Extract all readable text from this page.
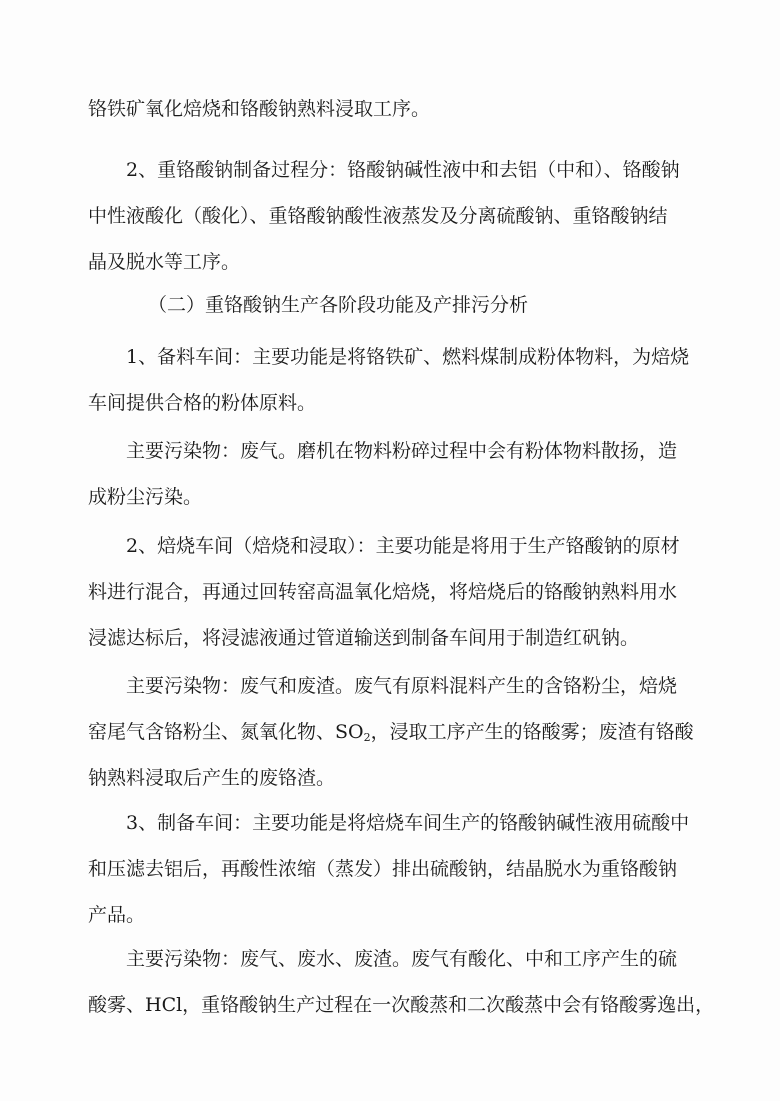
铬铁矿氧化焙烧和铬酸钠熟料浸取工序。
2、重铬酸钠制备过程分：铬酸钠碱性液中和去铝（中和）、铬酸钠
中性液酸化（酸化）、重铬酸钠酸性液蒸发及分离硫酸钠、重铬酸钠结
晶及脱水等工序。
（二）重铬酸钠生产各阶段功能及产排污分析
1、备料车间：主要功能是将铬铁矿、燃料煤制成粉体物料，为焙烧
车间提供合格的粉体原料。
主要污染物：废气。磨机在物料粉碎过程中会有粉体物料散扬，造
成粉尘污染。
2、焙烧车间（焙烧和浸取）：主要功能是将用于生产铬酸钠的原材
料进行混合，再通过回转窑高温氧化焙烧，将焙烧后的铬酸钠熟料用水
浸滤达标后，将浸滤液通过管道输送到制备车间用于制造红矾钠。
主要污染物：废气和废渣。废气有原料混料产生的含铬粉尘，焙烧
窑尾气含铬粉尘、氮氧化物、$SO_2$，浸取工序产生的铬酸雾；废渣有铬酸
钠熟料浸取后产生的废铬渣。
3、制备车间：主要功能是将焙烧车间生产的铬酸钠碱性液用硫酸中
和压滤去铝后，再酸性浓缩（蒸发）排出硫酸钠，结晶脱水为重铬酸钠
产品。
主要污染物：废气、废水、废渣。废气有酸化、中和工序产生的硫
酸雾、HCl，重铬酸钠生产过程在一次酸蒸和二次酸蒸中会有铬酸雾逸出，
